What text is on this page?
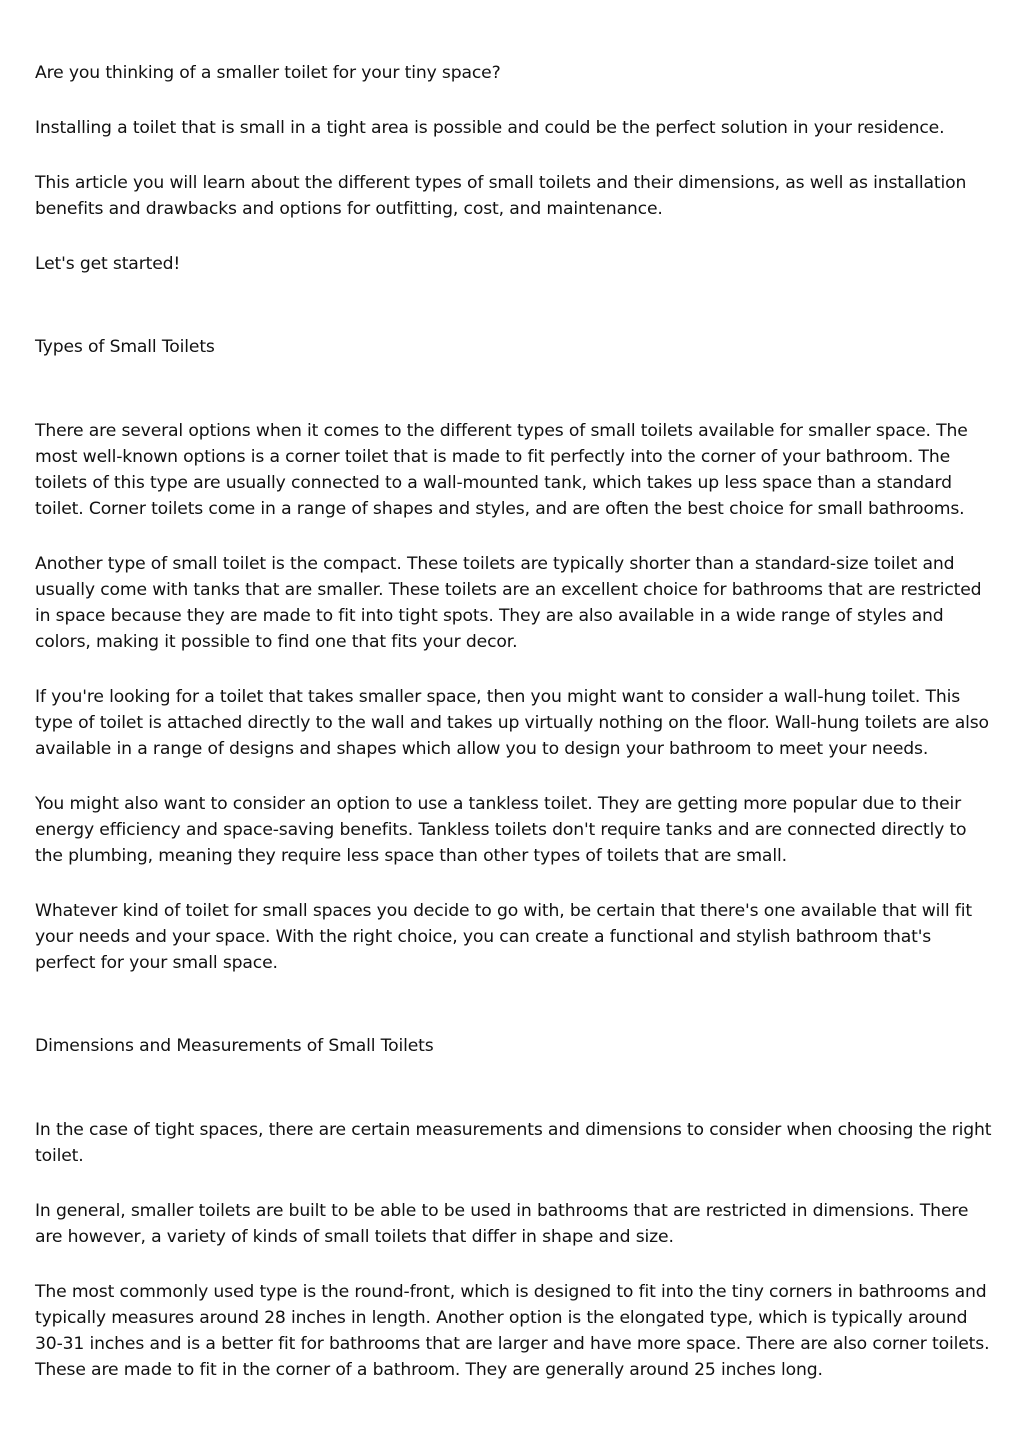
Are you thinking of a smaller toilet for your tiny space?

Installing a toilet that is small in a tight area is possible and could be the perfect solution in your residence.

This article you will learn about the different types of small toilets and their dimensions, as well as installation benefits and drawbacks and options for outfitting, cost, and maintenance.

Let's get started!

Types of Small Toilets

There are several options when it comes to the different types of small toilets available for smaller space. The most well-known options is a corner toilet that is made to fit perfectly into the corner of your bathroom. The toilets of this type are usually connected to a wall-mounted tank, which takes up less space than a standard toilet. Corner toilets come in a range of shapes and styles, and are often the best choice for small bathrooms.

Another type of small toilet is the compact. These toilets are typically shorter than a standard-size toilet and usually come with tanks that are smaller. These toilets are an excellent choice for bathrooms that are restricted in space because they are made to fit into tight spots. They are also available in a wide range of styles and colors, making it possible to find one that fits your decor.

If you're looking for a toilet that takes smaller space, then you might want to consider a wall-hung toilet. This type of toilet is attached directly to the wall and takes up virtually nothing on the floor. Wall-hung toilets are also available in a range of designs and shapes which allow you to design your bathroom to meet your needs.

You might also want to consider an option to use a tankless toilet. They are getting more popular due to their energy efficiency and space-saving benefits. Tankless toilets don't require tanks and are connected directly to the plumbing, meaning they require less space than other types of toilets that are small.

Whatever kind of toilet for small spaces you decide to go with, be certain that there's one available that will fit your needs and your space. With the right choice, you can create a functional and stylish bathroom that's perfect for your small space.

Dimensions and Measurements of Small Toilets

In the case of tight spaces, there are certain measurements and dimensions to consider when choosing the right toilet.

In general, smaller toilets are built to be able to be used in bathrooms that are restricted in dimensions. There are however, a variety of kinds of small toilets that differ in shape and size.

The most commonly used type is the round-front, which is designed to fit into the tiny corners in bathrooms and typically measures around 28 inches in length. Another option is the elongated type, which is typically around 30-31 inches and is a better fit for bathrooms that are larger and have more space. There are also corner toilets. These are made to fit in the corner of a bathroom. They are generally around 25 inches long.
